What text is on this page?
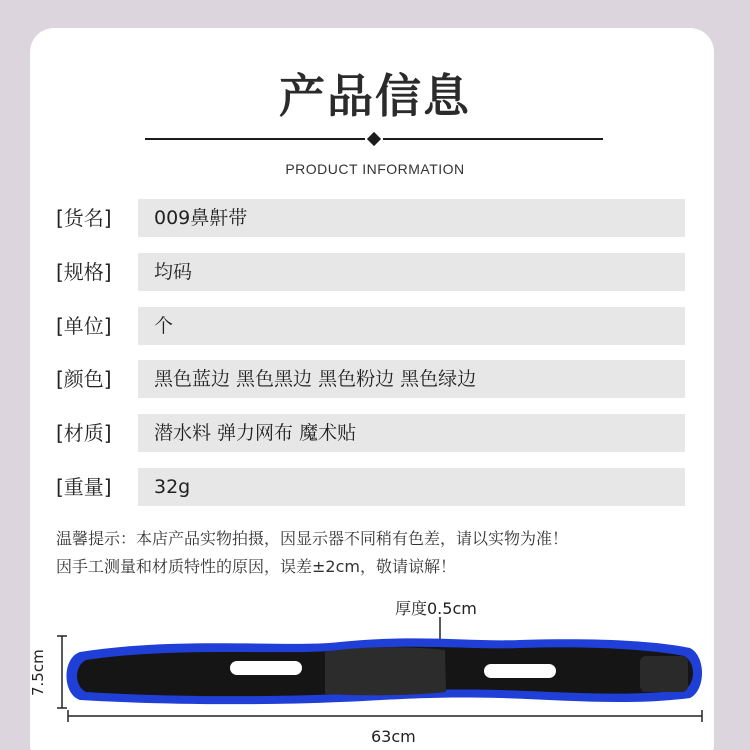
产品信息
PRODUCT INFORMATION
[货名]	009鼻鼾带
[规格]	均码
[单位]	个
[颜色]	黑色蓝边 黑色黑边 黑色粉边 黑色绿边
[材质]	潜水料 弹力网布 魔术贴
[重量]	32g
温馨提示：本店产品实物拍摄，因显示器不同稍有色差，请以实物为准！
因手工测量和材质特性的原因，误差±2cm，敬请谅解！
厚度0.5cm
7.5cm
63cm
